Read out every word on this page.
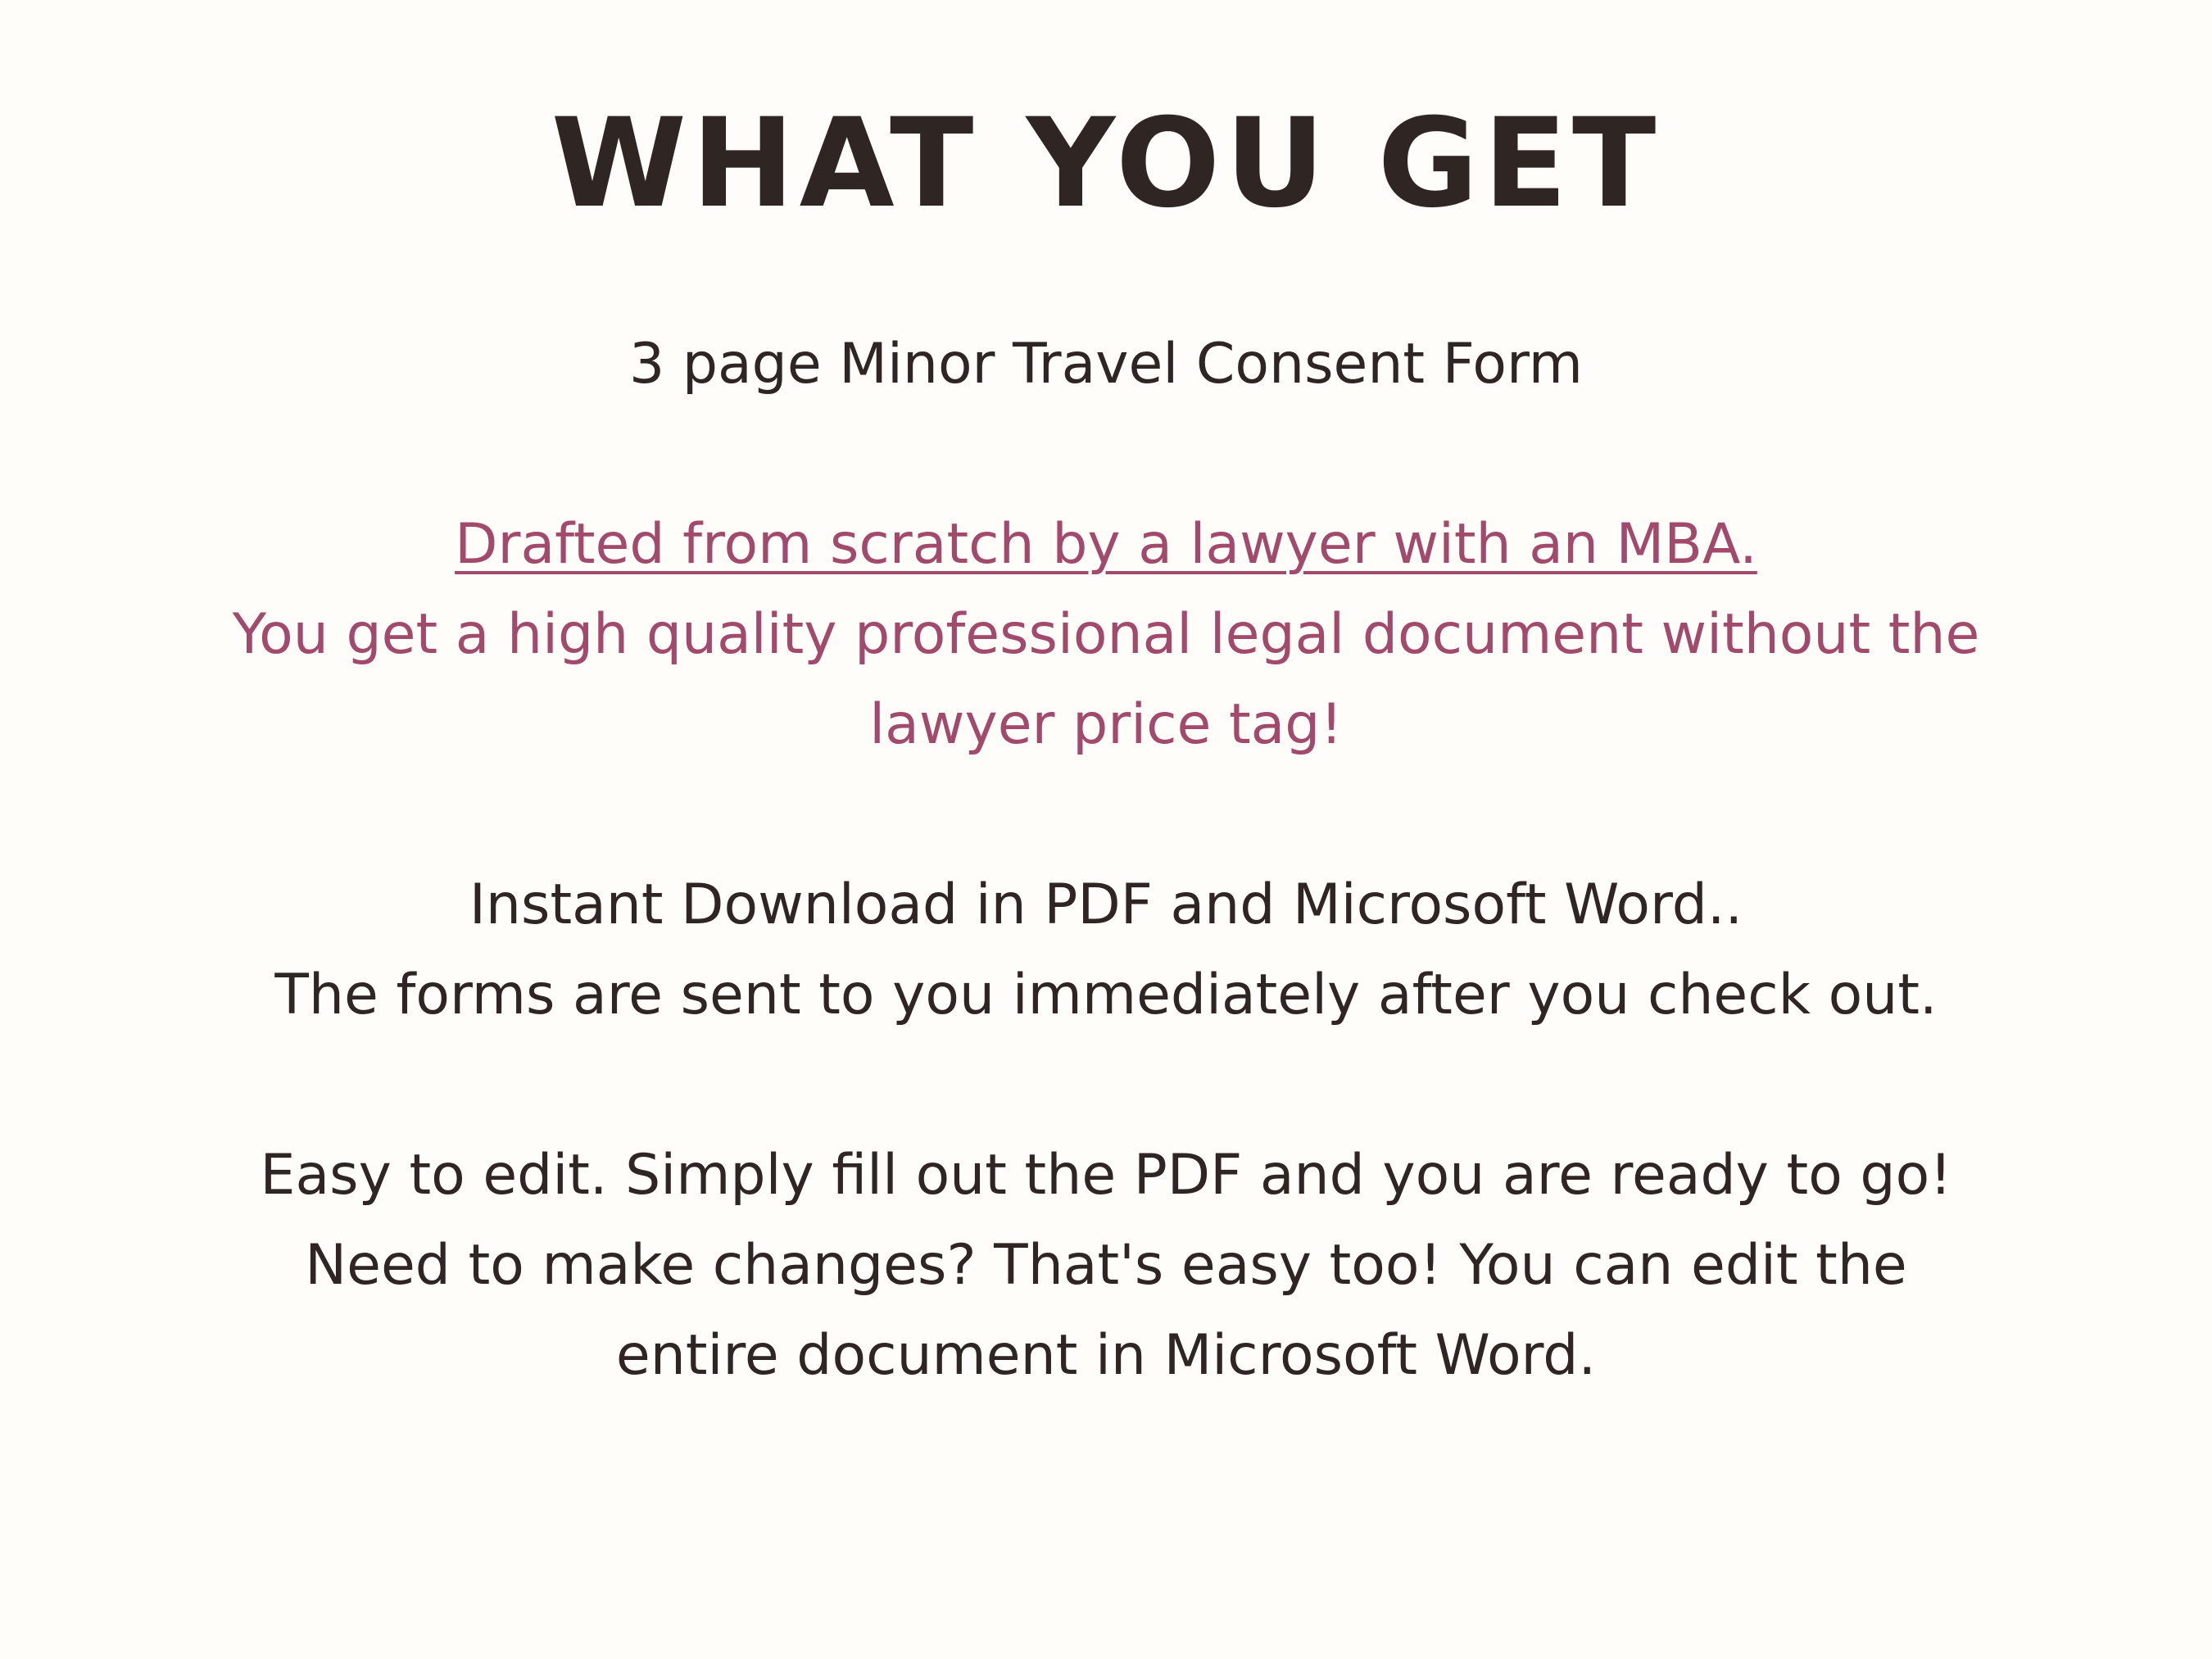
WHAT YOU GET
3 page Minor Travel Consent Form
Drafted from scratch by a lawyer with an MBA.
You get a high quality professional legal document without the
lawyer price tag!
Instant Download in PDF and Microsoft Word..
The forms are sent to you immediately after you check out.
Easy to edit. Simply fill out the PDF and you are ready to go!
Need to make changes? That's easy too! You can edit the
entire document in Microsoft Word.
